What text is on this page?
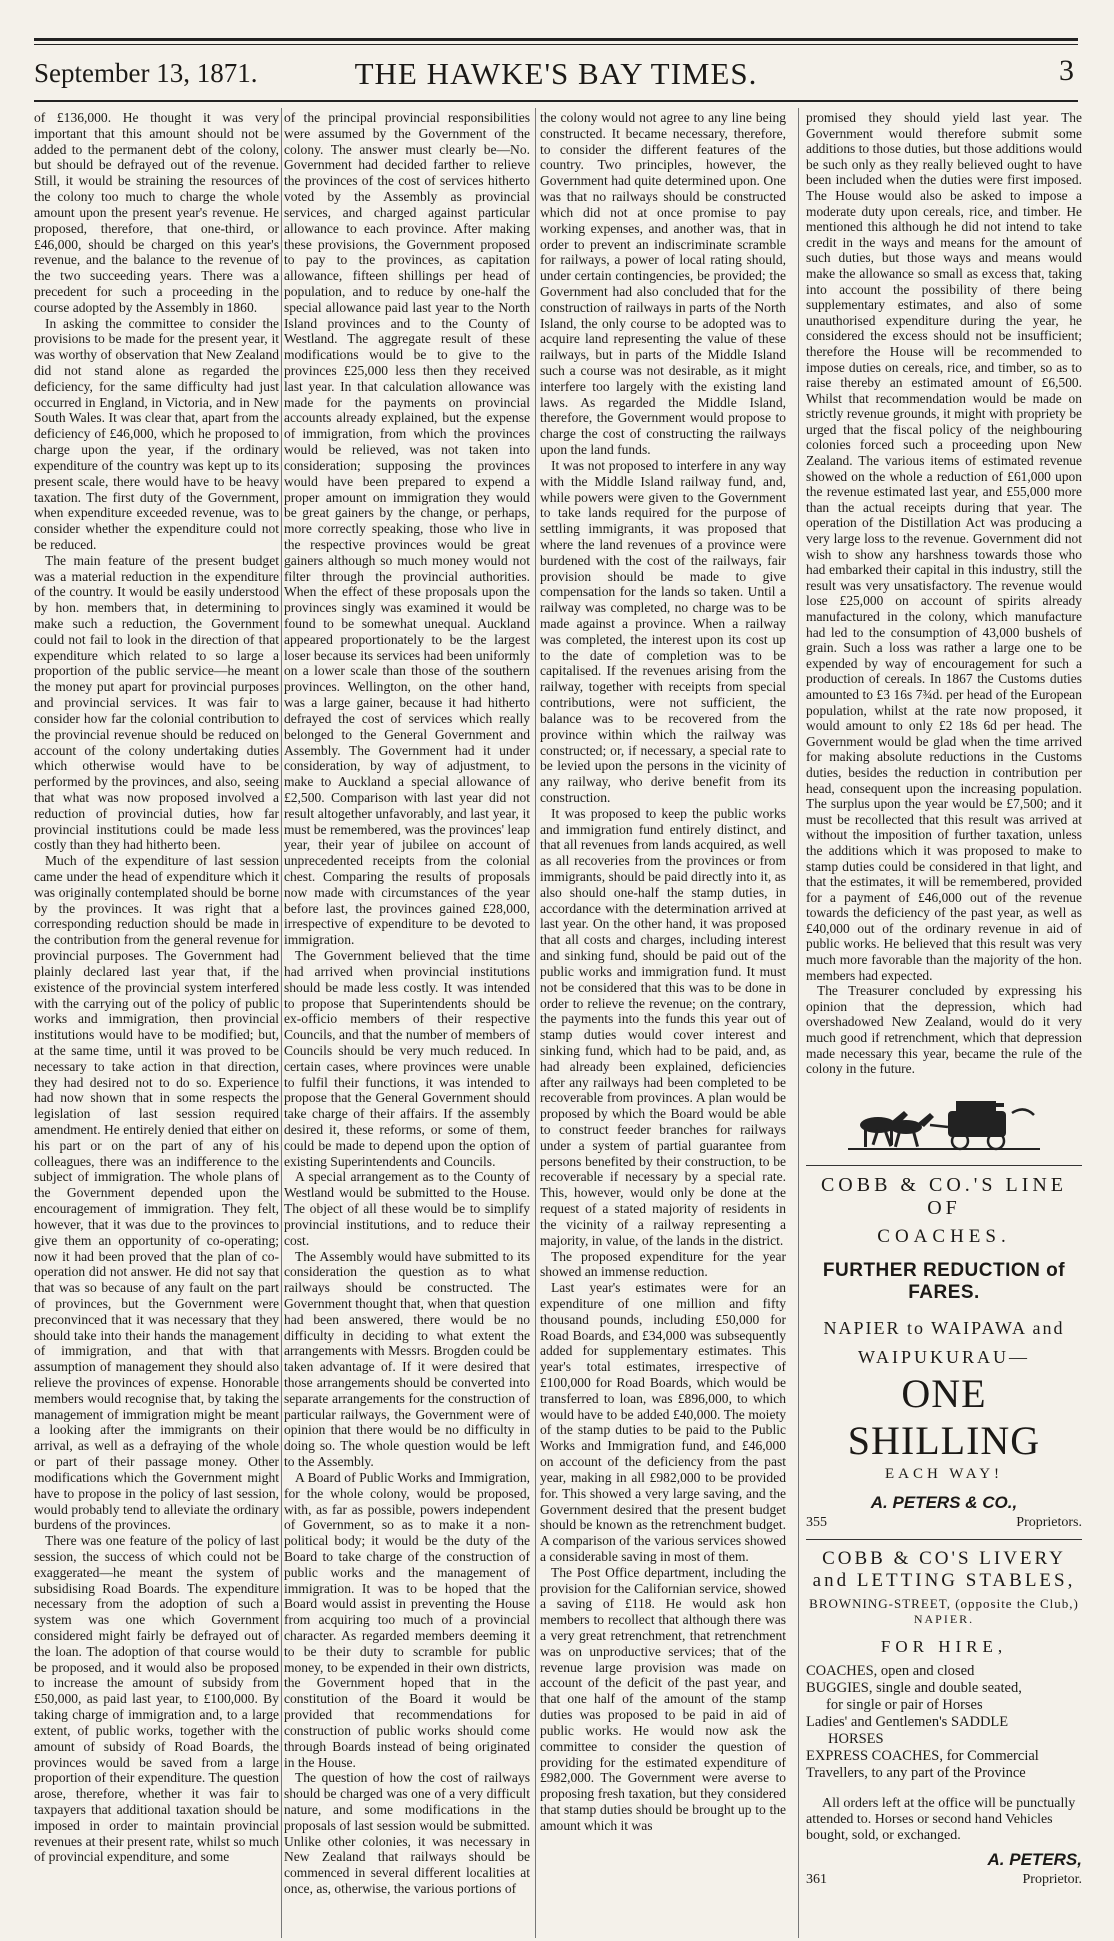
September 13, 1871.	THE HAWKE'S BAY TIMES.	3

of £136,000. He thought it was very important that this amount should not be added to the permanent debt of the colony, but should be defrayed out of the revenue. Still, it would be straining the resources of the colony too much to charge the whole amount upon the present year's revenue. He proposed, therefore, that one-third, or £46,000, should be charged on this year's revenue, and the balance to the revenue of the two succeeding years. There was a precedent for such a proceeding in the course adopted by the Assembly in 1860.

In asking the committee to consider the provisions to be made for the present year, it was worthy of observation that New Zealand did not stand alone as regarded the deficiency, for the same difficulty had just occurred in England, in Victoria, and in New South Wales. It was clear that, apart from the deficiency of £46,000, which he proposed to charge upon the year, if the ordinary expenditure of the country was kept up to its present scale, there would have to be heavy taxation. The first duty of the Government, when expenditure exceeded revenue, was to consider whether the expenditure could not be reduced.

The main feature of the present budget was a material reduction in the expenditure of the country. It would be easily understood by hon. members that, in determining to make such a reduction, the Government could not fail to look in the direction of that expenditure which related to so large a proportion of the public service—he meant the money put apart for provincial purposes and provincial services. It was fair to consider how far the colonial contribution to the provincial revenue should be reduced on account of the colony undertaking duties which otherwise would have to be performed by the provinces, and also, seeing that what was now proposed involved a reduction of provincial duties, how far provincial institutions could be made less costly than they had hitherto been.

Much of the expenditure of last session came under the head of expenditure which it was originally contemplated should be borne by the provinces. It was right that a corresponding reduction should be made in the contribution from the general revenue for provincial purposes. The Government had plainly declared last year that, if the existence of the provincial system interfered with the carrying out of the policy of public works and immigration, then provincial institutions would have to be modified; but, at the same time, until it was proved to be necessary to take action in that direction, they had desired not to do so. Experience had now shown that in some respects the legislation of last session required amendment. He entirely denied that either on his part or on the part of any of his colleagues, there was an indifference to the subject of immigration. The whole plans of the Government depended upon the encouragement of immigration. They felt, however, that it was due to the provinces to give them an opportunity of co-operating; now it had been proved that the plan of co-operation did not answer. He did not say that that was so because of any fault on the part of provinces, but the Government were preconvinced that it was necessary that they should take into their hands the management of immigration, and that with that assumption of management they should also relieve the provinces of expense. Honorable members would recognise that, by taking the management of immigration might be meant a looking after the immigrants on their arrival, as well as a defraying of the whole or part of their passage money. Other modifications which the Government might have to propose in the policy of last session, would probably tend to alleviate the ordinary burdens of the provinces.

There was one feature of the policy of last session, the success of which could not be exaggerated—he meant the system of subsidising Road Boards. The expenditure necessary from the adoption of such a system was one which Government considered might fairly be defrayed out of the loan. The adoption of that course would be proposed, and it would also be proposed to increase the amount of subsidy from £50,000, as paid last year, to £100,000. By taking charge of immigration and, to a large extent, of public works, together with the amount of subsidy of Road Boards, the provinces would be saved from a large proportion of their expenditure. The question arose, therefore, whether it was fair to taxpayers that additional taxation should be imposed in order to maintain provincial revenues at their present rate, whilst so much of provincial expenditure, and some

of the principal provincial responsibilities were assumed by the Government of the colony. The answer must clearly be—No. Government had decided farther to relieve the provinces of the cost of services hitherto voted by the Assembly as provincial services, and charged against particular allowance to each province. After making these provisions, the Government proposed to pay to the provinces, as capitation allowance, fifteen shillings per head of population, and to reduce by one-half the special allowance paid last year to the North Island provinces and to the County of Westland. The aggregate result of these modifications would be to give to the provinces £25,000 less then they received last year. In that calculation allowance was made for the payments on provincial accounts already explained, but the expense of immigration, from which the provinces would be relieved, was not taken into consideration; supposing the provinces would have been prepared to expend a proper amount on immigration they would be great gainers by the change, or perhaps, more correctly speaking, those who live in the respective provinces would be great gainers although so much money would not filter through the provincial authorities. When the effect of these proposals upon the provinces singly was examined it would be found to be somewhat unequal. Auckland appeared proportionately to be the largest loser because its services had been uniformly on a lower scale than those of the southern provinces. Wellington, on the other hand, was a large gainer, because it had hitherto defrayed the cost of services which really belonged to the General Government and Assembly. The Government had it under consideration, by way of adjustment, to make to Auckland a special allowance of £2,500. Comparison with last year did not result altogether unfavorably, and last year, it must be remembered, was the provinces' leap year, their year of jubilee on account of unprecedented receipts from the colonial chest. Comparing the results of proposals now made with circumstances of the year before last, the provinces gained £28,000, irrespective of expenditure to be devoted to immigration.

The Government believed that the time had arrived when provincial institutions should be made less costly. It was intended to propose that Superintendents should be ex-officio members of their respective Councils, and that the number of members of Councils should be very much reduced. In certain cases, where provinces were unable to fulfil their functions, it was intended to propose that the General Government should take charge of their affairs. If the assembly desired it, these reforms, or some of them, could be made to depend upon the option of existing Superintendents and Councils.

A special arrangement as to the County of Westland would be submitted to the House. The object of all these would be to simplify provincial institutions, and to reduce their cost.

The Assembly would have submitted to its consideration the question as to what railways should be constructed. The Government thought that, when that question had been answered, there would be no difficulty in deciding to what extent the arrangements with Messrs. Brogden could be taken advantage of. If it were desired that those arrangements should be converted into separate arrangements for the construction of particular railways, the Government were of opinion that there would be no difficulty in doing so. The whole question would be left to the Assembly.

A Board of Public Works and Immigration, for the whole colony, would be proposed, with, as far as possible, powers independent of Government, so as to make it a non-political body; it would be the duty of the Board to take charge of the construction of public works and the management of immigration. It was to be hoped that the Board would assist in preventing the House from acquiring too much of a provincial character. As regarded members deeming it to be their duty to scramble for public money, to be expended in their own districts, the Government hoped that in the constitution of the Board it would be provided that recommendations for construction of public works should come through Boards instead of being originated in the House.

The question of how the cost of railways should be charged was one of a very difficult nature, and some modifications in the proposals of last session would be submitted. Unlike other colonies, it was necessary in New Zealand that railways should be commenced in several different localities at once, as, otherwise, the various portions of

the colony would not agree to any line being constructed. It became necessary, therefore, to consider the different features of the country. Two principles, however, the Government had quite determined upon. One was that no railways should be constructed which did not at once promise to pay working expenses, and another was, that in order to prevent an indiscriminate scramble for railways, a power of local rating should, under certain contingencies, be provided; the Government had also concluded that for the construction of railways in parts of the North Island, the only course to be adopted was to acquire land representing the value of these railways, but in parts of the Middle Island such a course was not desirable, as it might interfere too largely with the existing land laws. As regarded the Middle Island, therefore, the Government would propose to charge the cost of constructing the railways upon the land funds.

It was not proposed to interfere in any way with the Middle Island railway fund, and, while powers were given to the Government to take lands required for the purpose of settling immigrants, it was proposed that where the land revenues of a province were burdened with the cost of the railways, fair provision should be made to give compensation for the lands so taken. Until a railway was completed, no charge was to be made against a province. When a railway was completed, the interest upon its cost up to the date of completion was to be capitalised. If the revenues arising from the railway, together with receipts from special contributions, were not sufficient, the balance was to be recovered from the province within which the railway was constructed; or, if necessary, a special rate to be levied upon the persons in the vicinity of any railway, who derive benefit from its construction.

It was proposed to keep the public works and immigration fund entirely distinct, and that all revenues from lands acquired, as well as all recoveries from the provinces or from immigrants, should be paid directly into it, as also should one-half the stamp duties, in accordance with the determination arrived at last year. On the other hand, it was proposed that all costs and charges, including interest and sinking fund, should be paid out of the public works and immigration fund. It must not be considered that this was to be done in order to relieve the revenue; on the contrary, the payments into the funds this year out of stamp duties would cover interest and sinking fund, which had to be paid, and, as had already been explained, deficiencies after any railways had been completed to be recoverable from provinces. A plan would be proposed by which the Board would be able to construct feeder branches for railways under a system of partial guarantee from persons benefited by their construction, to be recoverable if necessary by a special rate. This, however, would only be done at the request of a stated majority of residents in the vicinity of a railway representing a majority, in value, of the lands in the district.

The proposed expenditure for the year showed an immense reduction.

Last year's estimates were for an expenditure of one million and fifty thousand pounds, including £50,000 for Road Boards, and £34,000 was subsequently added for supplementary estimates. This year's total estimates, irrespective of £100,000 for Road Boards, which would be transferred to loan, was £896,000, to which would have to be added £40,000. The moiety of the stamp duties to be paid to the Public Works and Immigration fund, and £46,000 on account of the deficiency from the past year, making in all £982,000 to be provided for. This showed a very large saving, and the Government desired that the present budget should be known as the retrenchment budget. A comparison of the various services showed a considerable saving in most of them.

The Post Office department, including the provision for the Californian service, showed a saving of £118. He would ask hon members to recollect that although there was a very great retrenchment, that retrenchment was on unproductive services; that of the revenue large provision was made on account of the deficit of the past year, and that one half of the amount of the stamp duties was proposed to be paid in aid of public works. He would now ask the committee to consider the question of providing for the estimated expenditure of £982,000. The Government were averse to proposing fresh taxation, but they considered that stamp duties should be brought up to the amount which it was

promised they should yield last year. The Government would therefore submit some additions to those duties, but those additions would be such only as they really believed ought to have been included when the duties were first imposed. The House would also be asked to impose a moderate duty upon cereals, rice, and timber. He mentioned this although he did not intend to take credit in the ways and means for the amount of such duties, but those ways and means would make the allowance so small as excess that, taking into account the possibility of there being supplementary estimates, and also of some unauthorised expenditure during the year, he considered the excess should not be insufficient; therefore the House will be recommended to impose duties on cereals, rice, and timber, so as to raise thereby an estimated amount of £6,500. Whilst that recommendation would be made on strictly revenue grounds, it might with propriety be urged that the fiscal policy of the neighbouring colonies forced such a proceeding upon New Zealand. The various items of estimated revenue showed on the whole a reduction of £61,000 upon the revenue estimated last year, and £55,000 more than the actual receipts during that year. The operation of the Distillation Act was producing a very large loss to the revenue. Government did not wish to show any harshness towards those who had embarked their capital in this industry, still the result was very unsatisfactory. The revenue would lose £25,000 on account of spirits already manufactured in the colony, which manufacture had led to the consumption of 43,000 bushels of grain. Such a loss was rather a large one to be expended by way of encouragement for such a production of cereals. In 1867 the Customs duties amounted to £3 16s 7¾d. per head of the European population, whilst at the rate now proposed, it would amount to only £2 18s 6d per head. The Government would be glad when the time arrived for making absolute reductions in the Customs duties, besides the reduction in contribution per head, consequent upon the increasing population. The surplus upon the year would be £7,500; and it must be recollected that this result was arrived at without the imposition of further taxation, unless the additions which it was proposed to make to stamp duties could be considered in that light, and that the estimates, it will be remembered, provided for a payment of £46,000 out of the revenue towards the deficiency of the past year, as well as £40,000 out of the ordinary revenue in aid of public works. He believed that this result was very much more favorable than the majority of the hon. members had expected.

The Treasurer concluded by expressing his opinion that the depression, which had overshadowed New Zealand, would do it very much good if retrenchment, which that depression made necessary this year, became the rule of the colony in the future.

COBB & CO.'S LINE OF
COACHES.
FURTHER REDUCTION of FARES.
NAPIER to WAIPAWA and
WAIPUKURAU—
ONE SHILLING
EACH WAY!
A. PETERS & CO.,
355	Proprietors.
COBB & CO'S LIVERY and LETTING STABLES,
BROWNING-STREET, (opposite the Club,)
NAPIER.
FOR HIRE,
COACHES, open and closed
BUGGIES, single and double seated,
for single or pair of Horses
Ladies' and Gentlemen's SADDLE
HORSES
EXPRESS COACHES, for Commercial Travellers, to any part of the Province
All orders left at the office will be punctually attended to. Horses or second hand Vehicles bought, sold, or exchanged.
A. PETERS,
361	Proprietor.
